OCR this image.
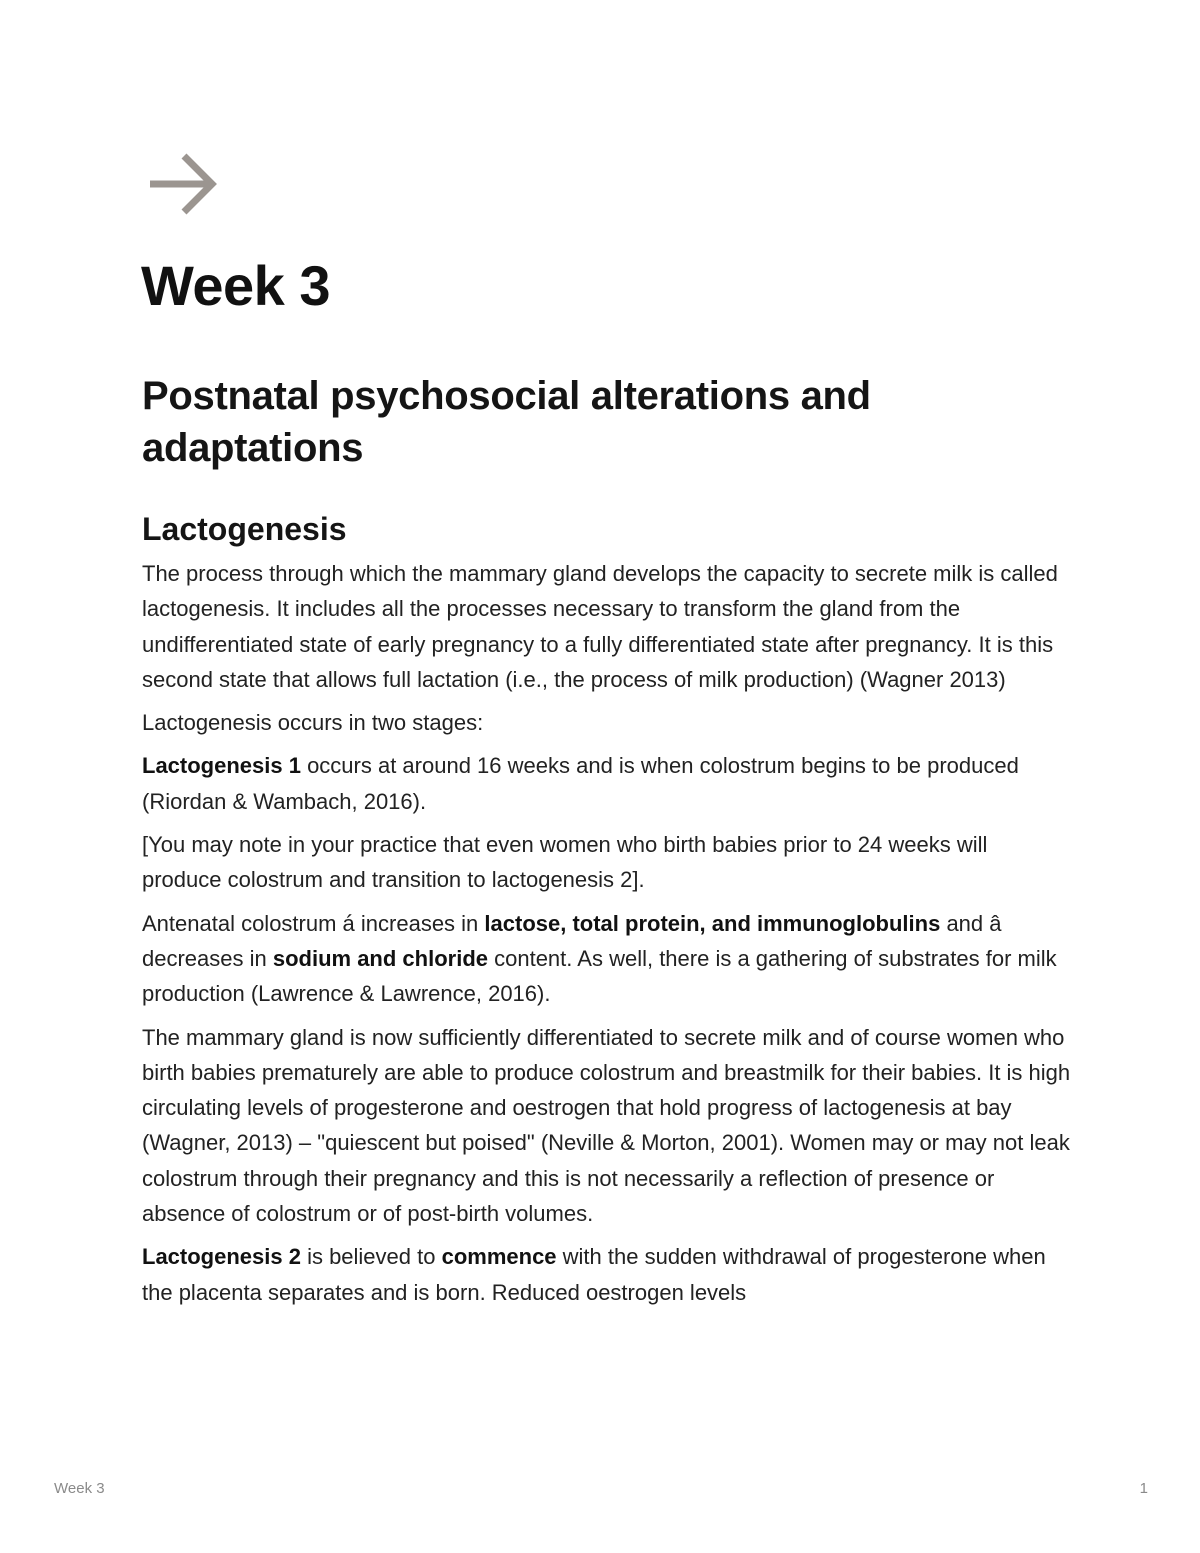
Week 3
Postnatal psychosocial alterations and adaptations
Lactogenesis

The process through which the mammary gland develops the capacity to secrete milk is called lactogenesis. It includes all the processes necessary to transform the gland from the undifferentiated state of early pregnancy to a fully differentiated state after pregnancy. It is this second state that allows full lactation (i.e., the process of milk production) (Wagner 2013)

Lactogenesis occurs in two stages:

Lactogenesis 1 occurs at around 16 weeks and is when colostrum begins to be produced (Riordan & Wambach, 2016).

[You may note in your practice that even women who birth babies prior to 24 weeks will produce colostrum and transition to lactogenesis 2].

Antenatal colostrum á increases in lactose, total protein, and immunoglobulins and â decreases in sodium and chloride content. As well, there is a gathering of substrates for milk production (Lawrence & Lawrence, 2016).

The mammary gland is now sufficiently differentiated to secrete milk and of course women who birth babies prematurely are able to produce colostrum and breastmilk for their babies. It is high circulating levels of progesterone and oestrogen that hold progress of lactogenesis at bay (Wagner, 2013) – "quiescent but poised" (Neville & Morton, 2001). Women may or may not leak colostrum through their pregnancy and this is not necessarily a reflection of presence or absence of colostrum or of post-birth volumes.

Lactogenesis 2 is believed to commence with the sudden withdrawal of progesterone when the placenta separates and is born. Reduced oestrogen levels

Week 3	1
